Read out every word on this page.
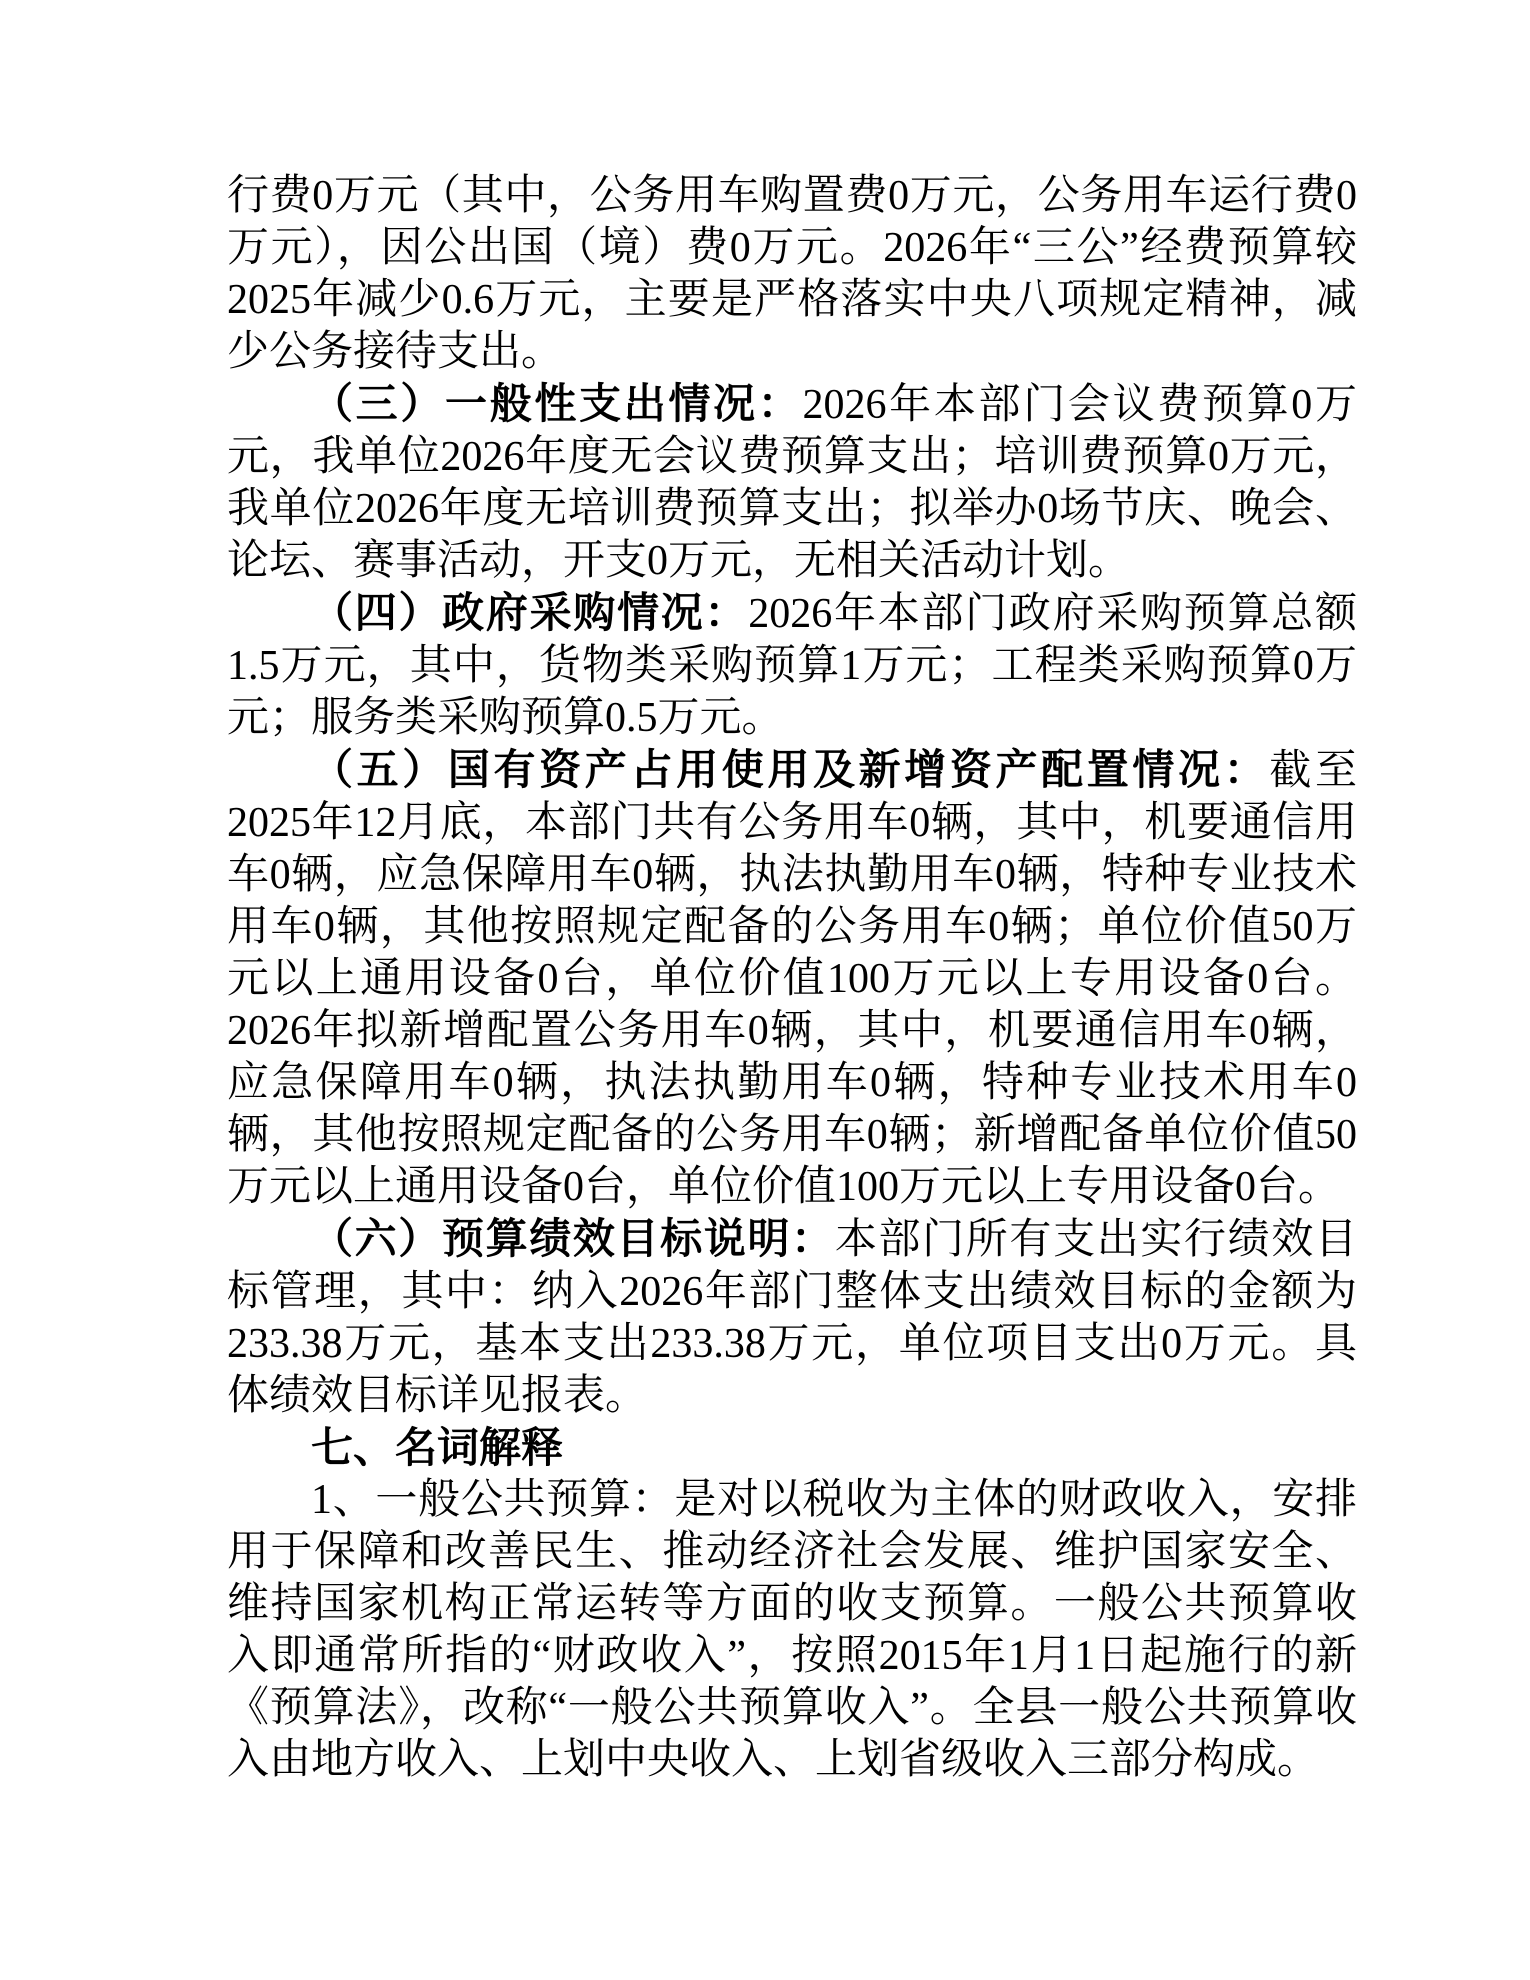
行费0万元（其中，公务用车购置费0万元，公务用车运行费0万元），因公出国（境）费0万元。2026年“三公”经费预算较2025年减少0.6万元，主要是严格落实中央八项规定精神，减少公务接待支出。

（三）一般性支出情况：2026年本部门会议费预算0万元，我单位2026年度无会议费预算支出；培训费预算0万元，我单位2026年度无培训费预算支出；拟举办0场节庆、晚会、论坛、赛事活动，开支0万元，无相关活动计划。

（四）政府采购情况：2026年本部门政府采购预算总额1.5万元，其中，货物类采购预算1万元；工程类采购预算0万元；服务类采购预算0.5万元。

（五）国有资产占用使用及新增资产配置情况：截至2025年12月底，本部门共有公务用车0辆，其中，机要通信用车0辆，应急保障用车0辆，执法执勤用车0辆，特种专业技术用车0辆，其他按照规定配备的公务用车0辆；单位价值50万元以上通用设备0台，单位价值100万元以上专用设备0台。2026年拟新增配置公务用车0辆，其中，机要通信用车0辆，应急保障用车0辆，执法执勤用车0辆，特种专业技术用车0辆，其他按照规定配备的公务用车0辆；新增配备单位价值50万元以上通用设备0台，单位价值100万元以上专用设备0台。

（六）预算绩效目标说明：本部门所有支出实行绩效目标管理，其中：纳入2026年部门整体支出绩效目标的金额为233.38万元，基本支出233.38万元，单位项目支出0万元。具体绩效目标详见报表。

七、名词解释

1、一般公共预算：是对以税收为主体的财政收入，安排用于保障和改善民生、推动经济社会发展、维护国家安全、维持国家机构正常运转等方面的收支预算。一般公共预算收入即通常所指的“财政收入”，按照2015年1月1日起施行的新《预算法》，改称“一般公共预算收入”。全县一般公共预算收入由地方收入、上划中央收入、上划省级收入三部分构成。
